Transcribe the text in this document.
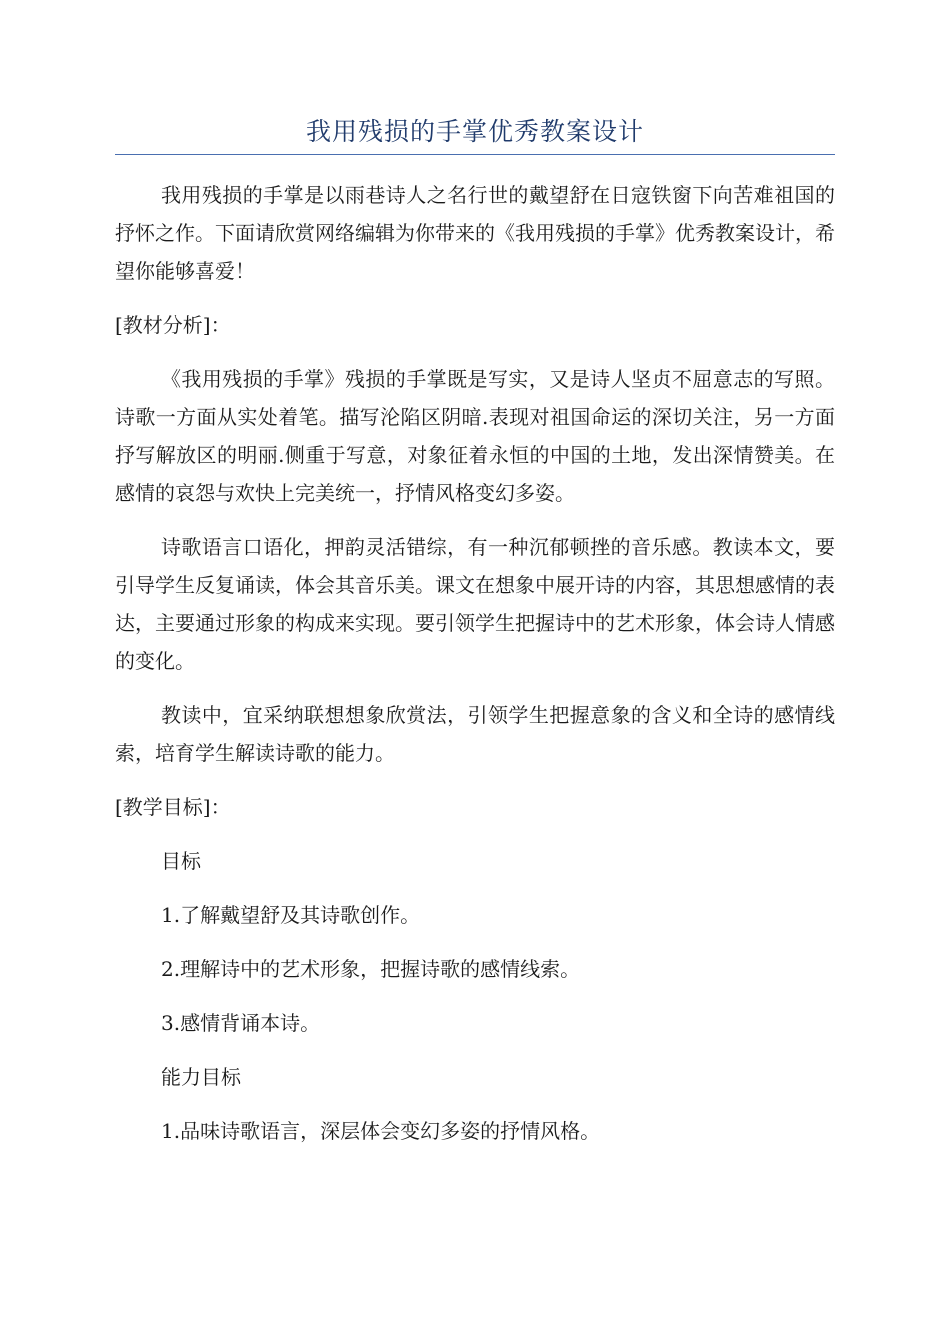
我用残损的手掌优秀教案设计

我用残损的手掌是以雨巷诗人之名行世的戴望舒在日寇铁窗下向苦难祖国的抒怀之作。下面请欣赏网络编辑为你带来的《我用残损的手掌》优秀教案设计，希望你能够喜爱！

[教材分析]：

《我用残损的手掌》残损的手掌既是写实，又是诗人坚贞不屈意志的写照。诗歌一方面从实处着笔。描写沦陷区阴暗.表现对祖国命运的深切关注，另一方面抒写解放区的明丽.侧重于写意，对象征着永恒的中国的土地，发出深情赞美。在感情的哀怨与欢快上完美统一，抒情风格变幻多姿。

诗歌语言口语化，押韵灵活错综，有一种沉郁顿挫的音乐感。教读本文，要引导学生反复诵读，体会其音乐美。课文在想象中展开诗的内容，其思想感情的表达，主要通过形象的构成来实现。要引领学生把握诗中的艺术形象，体会诗人情感的变化。

教读中，宜采纳联想想象欣赏法，引领学生把握意象的含义和全诗的感情线索，培育学生解读诗歌的能力。

[教学目标]：

目标

1.了解戴望舒及其诗歌创作。

2.理解诗中的艺术形象，把握诗歌的感情线索。

3.感情背诵本诗。

能力目标

1.品味诗歌语言，深层体会变幻多姿的抒情风格。
